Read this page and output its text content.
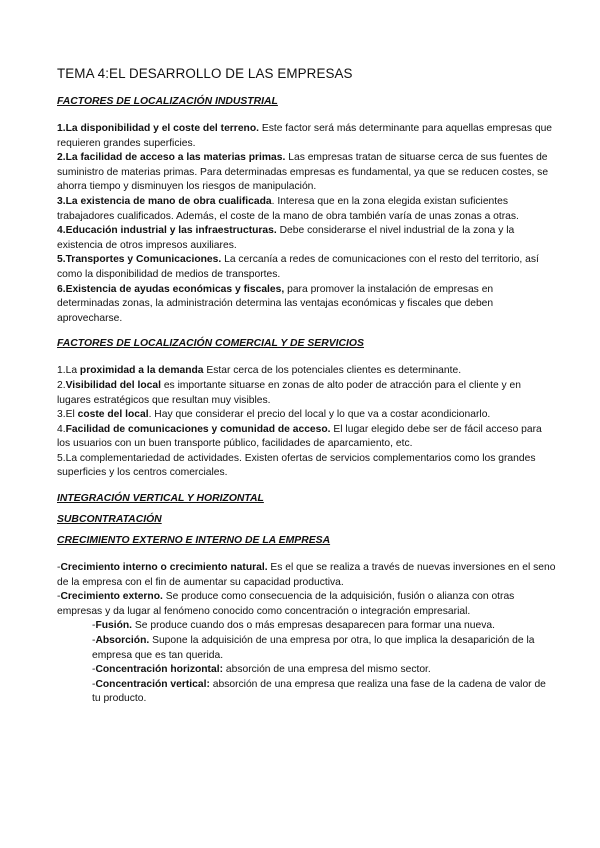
TEMA 4:EL DESARROLLO DE LAS EMPRESAS
FACTORES DE LOCALIZACIÓN INDUSTRIAL

1.La disponibilidad y el coste del terreno. Este factor será más determinante para aquellas empresas que requieren grandes superficies.

2.La facilidad de acceso a las materias primas. Las empresas tratan de situarse cerca de sus fuentes de suministro de materias primas. Para determinadas empresas es fundamental, ya que se reducen costes, se ahorra tiempo y disminuyen los riesgos de manipulación.

3.La existencia de mano de obra cualificada. Interesa que en la zona elegida existan suficientes trabajadores cualificados. Además, el coste de la mano de obra también varía de unas zonas a otras.

4.Educación industrial y las infraestructuras. Debe considerarse el nivel industrial de la zona y la existencia de otros impresos auxiliares.

5.Transportes y Comunicaciones. La cercanía a redes de comunicaciones con el resto del territorio, así como la disponibilidad de medios de transportes.

6.Existencia de ayudas económicas y fiscales, para promover la instalación de empresas en determinadas zonas, la administración determina las ventajas económicas y fiscales que deben aprovecharse.

FACTORES DE LOCALIZACIÓN COMERCIAL Y DE SERVICIOS

1.La proximidad a la demanda Estar cerca de los potenciales clientes es determinante.

2.Visibilidad del local es importante situarse en zonas de alto poder de atracción para el cliente y en lugares estratégicos que resultan muy visibles.

3.El coste del local. Hay que considerar el precio del local y lo que va a costar acondicionarlo.

4.Facilidad de comunicaciones y comunidad de acceso. El lugar elegido debe ser de fácil acceso para los usuarios con un buen transporte público, facilidades de aparcamiento, etc.

5.La complementariedad de actividades. Existen ofertas de servicios complementarios como los grandes superficies y los centros comerciales.

INTEGRACIÓN VERTICAL Y HORIZONTAL
SUBCONTRATACIÓN
CRECIMIENTO EXTERNO E INTERNO DE LA EMPRESA

-Crecimiento interno o crecimiento natural. Es el que se realiza a través de nuevas inversiones en el seno de la empresa con el fin de aumentar su capacidad productiva.

-Crecimiento externo. Se produce como consecuencia de la adquisición, fusión o alianza con otras empresas y da lugar al fenómeno conocido como concentración o integración empresarial.

-Fusión. Se produce cuando dos o más empresas desaparecen para formar una nueva.

-Absorción. Supone la adquisición de una empresa por otra, lo que implica la desaparición de la empresa que es tan querida.

-Concentración horizontal: absorción de una empresa del mismo sector.

-Concentración vertical: absorción de una empresa que realiza una fase de la cadena de valor de tu producto.
